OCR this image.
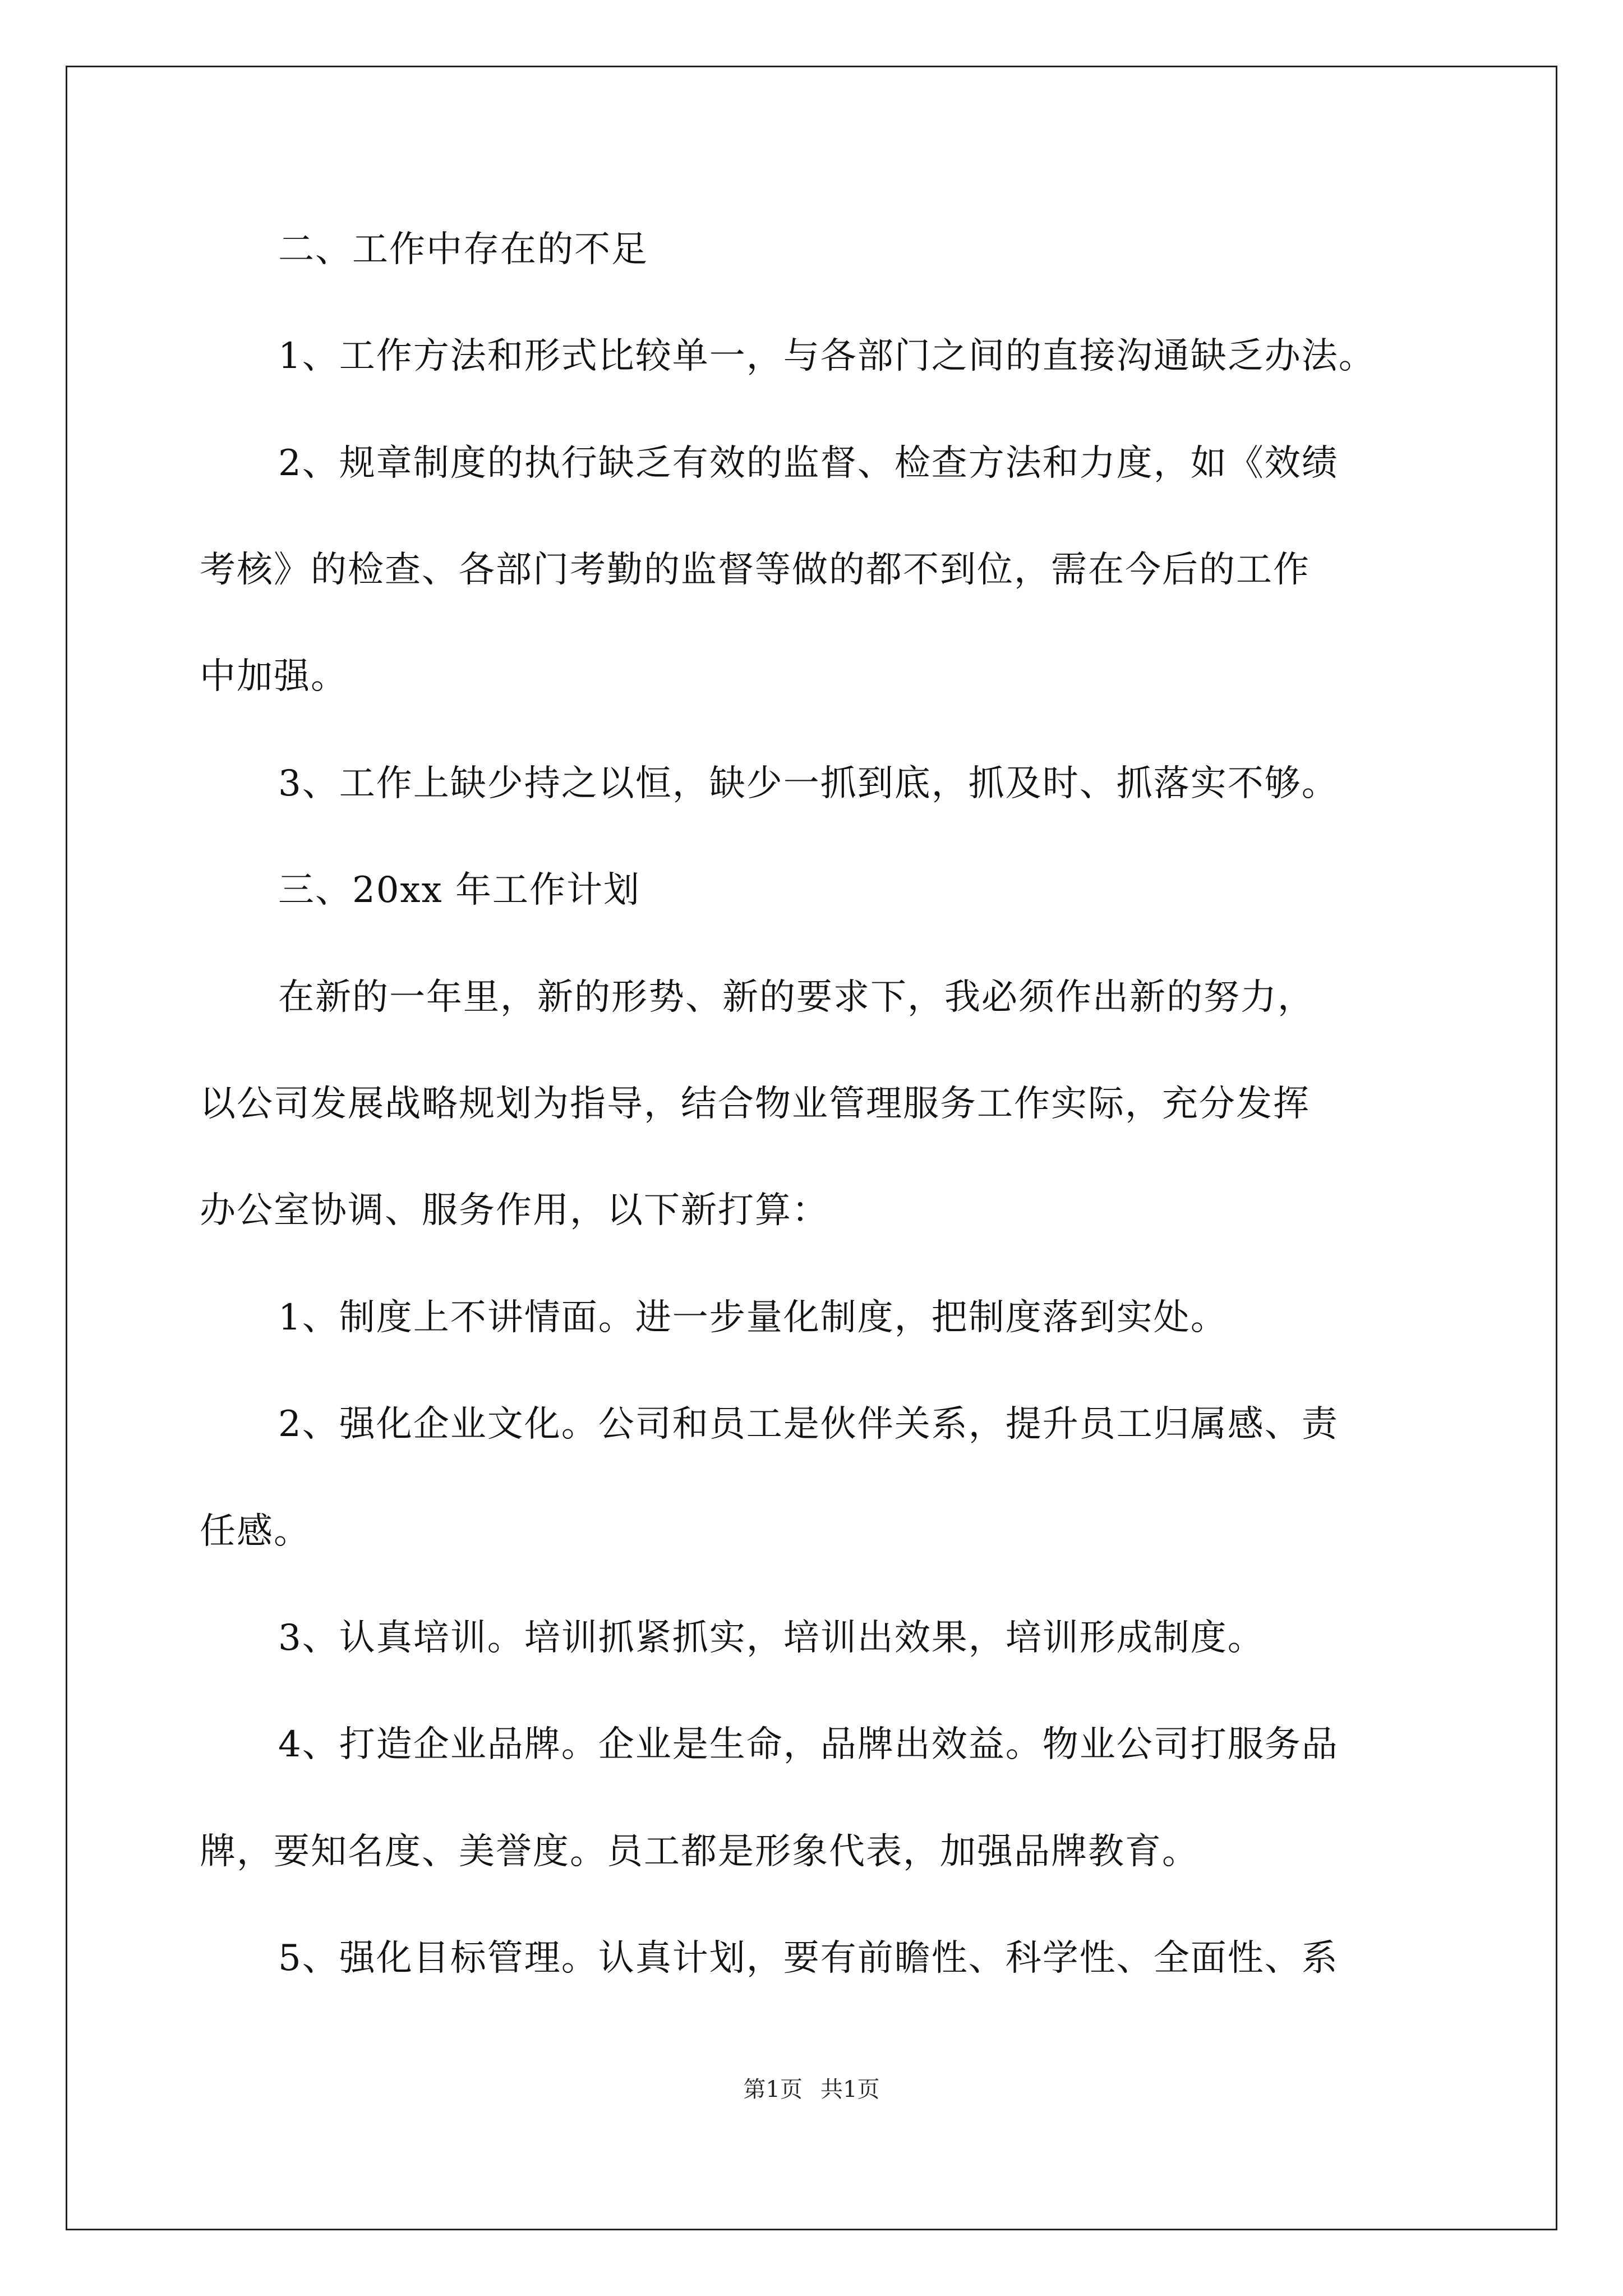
二、工作中存在的不足
1、工作方法和形式比较单一，与各部门之间的直接沟通缺乏办法。
2、规章制度的执行缺乏有效的监督、检查方法和力度，如《效绩
考核》的检查、各部门考勤的监督等做的都不到位，需在今后的工作
中加强。
3、工作上缺少持之以恒，缺少一抓到底，抓及时、抓落实不够。
三、20xx 年工作计划
在新的一年里，新的形势、新的要求下，我必须作出新的努力，
以公司发展战略规划为指导，结合物业管理服务工作实际，充分发挥
办公室协调、服务作用，以下新打算：
1、制度上不讲情面。进一步量化制度，把制度落到实处。
2、强化企业文化。公司和员工是伙伴关系，提升员工归属感、责
任感。
3、认真培训。培训抓紧抓实，培训出效果，培训形成制度。
4、打造企业品牌。企业是生命，品牌出效益。物业公司打服务品
牌，要知名度、美誉度。员工都是形象代表，加强品牌教育。
5、强化目标管理。认真计划，要有前瞻性、科学性、全面性、系
第1页 共1页
